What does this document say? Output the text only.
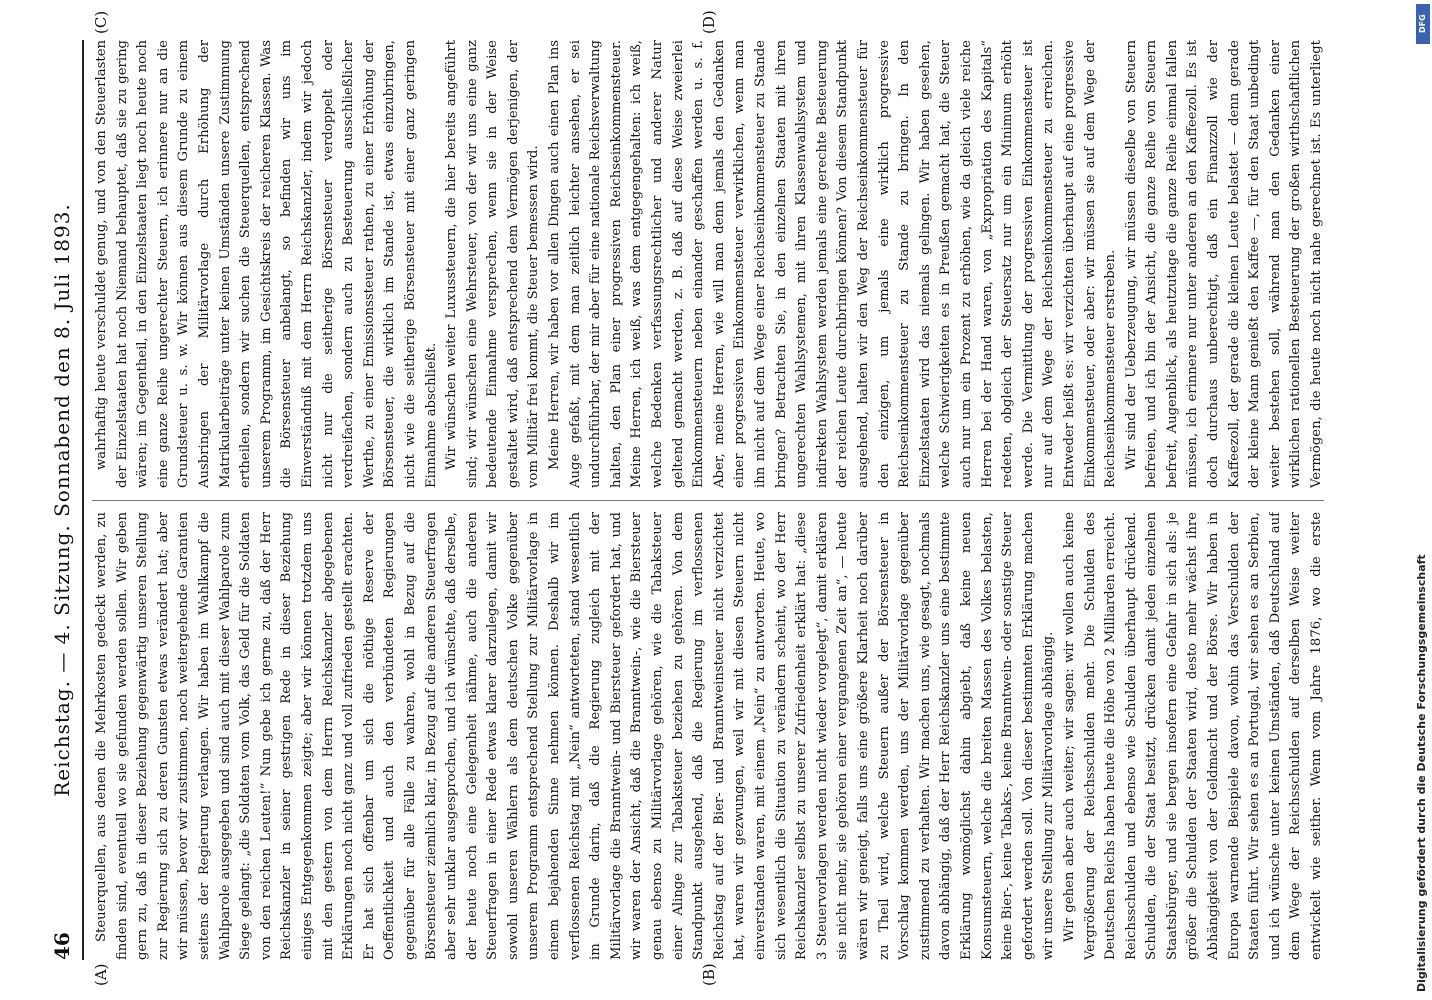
46
Reichstag. — 4. Sitzung. Sonnabend den 8. Juli 1893.
(A)	(B)
(C)	(D)

Steuerquellen, aus denen die Mehrkosten gedeckt werden, zu finden sind, eventuell wo sie gefunden werden sollen. Wir geben gern zu, daß in dieser Beziehung gegenwärtig unseren Stellung zur Regierung sich zu deren Gunsten etwas verändert hat; aber wir müssen, bevor wir zustimmen, noch weitergehende Garantien seitens der Regierung verlangen. Wir haben im Wahlkampf die Wahlparole ausgegeben und sind auch mit dieser Wahlparole zum Siege gelangt: „die Soldaten vom Volk, das Geld für die Soldaten von den reichen Leuten!“ Nun gebe ich gerne zu, daß der Herr Reichskanzler in seiner gestrigen Rede in dieser Beziehung einiges Entgegenkommen zeigte; aber wir können trotzdem uns mit den gestern von dem Herrn Reichskanzler abgegebenen Erklärungen noch nicht ganz und voll zufrieden gestellt erachten. Er hat sich offenbar um sich die nöthige Reserve der Oeffentlichkeit und auch den verbündeten Regierungen gegenüber für alle Fälle zu wahren, wohl in Bezug auf die Börsensteuer ziemlich klar, in Bezug auf die anderen Steuerfragen aber sehr unklar ausgesprochen, und ich wünschte, daß derselbe, der heute noch eine Gelegenheit nähme, auch die anderen Steuerfragen in einer Rede etwas klarer darzulegen, damit wir sowohl unseren Wählern als dem deutschen Volke gegenüber unserem Programm entsprechend Stellung zur Militärvorlage in einem bejahenden Sinne nehmen können. Deshalb wir im verflossenen Reichstag mit „Nein“ antworteten, stand wesentlich im Grunde darin, daß die Regierung zugleich mit der Militärvorlage die Branntwein- und Biersteuer gefordert hat, und wir waren der Ansicht, daß die Branntwein-, wie die Biersteuer genau ebenso zu Militärvorlage gehören, wie die Tabaksteuer einer Alinge zur Tabaksteuer beziehen zu gehören. Von dem Standpunkt ausgehend, daß die Regierung im verflossenen Reichstag auf der Bier- und Branntweinsteuer nicht verzichtet hat, waren wir gezwungen, weil wir mit diesen Steuern nicht einverstanden waren, mit einem „Nein“ zu antworten. Heute, wo sich wesentlich die Situation zu verändern scheint, wo der Herr Reichskanzler selbst zu unserer Zufriedenheit erklärt hat: „diese 3 Steuervorlagen werden nicht wieder vorgelegt“, damit erklären sie nicht mehr, sie gehören einer vergangenen Zeit an“, — heute wären wir geneigt, falls uns eine größere Klarheit noch darüber zu Theil wird, welche Steuern außer der Börsensteuer in Vorschlag kommen werden, uns der Militärvorlage gegenüber zustimmend zu verhalten. Wir machen uns, wie gesagt, nochmals davon abhängig, daß der Herr Reichskanzler uns eine bestimmte Erklärung womöglichst dahin abgiebt, daß keine neuen Konsumsteuern, welche die breiten Massen des Volkes belasten, keine Bier-, keine Tabaks-, keine Branntwein- oder sonstige Steuer gefordert werden soll. Von dieser bestimmten Erklärung machen wir unsere Stellung zur Militärvorlage abhängig. Wir gehen aber auch weiter; wir sagen: wir wollen auch keine Vergrößerung der Reichsschulden mehr. Die Schulden des Deutschen Reichs haben heute die Höhe von 2 Milliarden erreicht. Reichsschulden und ebenso wie Schulden überhaupt drückend. Schulden, die der Staat besitzt, drücken damit jeden einzelnen Staatsbürger, und sie bergen insofern eine Gefahr in sich als: je größer die Schulden der Staaten wird, desto mehr wächst ihre Abhängigkeit von der Geldmacht und der Börse. Wir haben in Europa warnende Beispiele davon, wohin das Verschulden der Staaten führt. Wir sehen es an Portugal, wir sehen es an Serbien, und ich wünsche unter keinen Umständen, daß Deutschland auf dem Wege der Reichsschulden auf derselben Weise weiter entwickelt wie seither. Wenn vom Jahre 1876, wo die erste

wahrhaftig heute verschuldet genug, und von den Steuerlasten der Einzelstaaten hat noch Niemand behauptet, daß sie zu gering wären; im Gegentheil, in den Einzelstaaten liegt noch heute noch eine ganze Reihe ungerechter Steuern, ich erinnere nur an die Grundsteuer u. s. w. Wir können aus diesem Grunde zu einem Ausbringen der Militärvorlage durch Erhöhung der Matrikularbeiträge unter keinen Umständen unsere Zustimmung ertheilen, sondern wir suchen die Steuerquellen, entsprechend unserem Programm, im Gesichtskreis der reicheren Klassen. Was die Börsensteuer anbelangt, so befinden wir uns im Einverständniß mit dem Herrn Reichskanzler, indem wir jedoch nicht nur die seitherige Börsensteuer verdoppelt oder verdreifachen, sondern auch zu Besteuerung ausschließlicher Werthe, zu einer Emissionssteuer rathen, zu einer Erhöhung der Börsensteuer, die wirklich im Stande ist, etwas einzubringen, nicht wie die seitherige Börsensteuer mit einer ganz geringen Einnahme abschließt. Wir wünschen weiter Luxussteuern, die hier bereits angeführt sind; wir wünschen eine Wehrsteuer, von der wir uns eine ganz bedeutende Einnahme versprechen, wenn sie in der Weise gestaltet wird, daß entsprechend dem Vermögen derjenigen, der vom Militär frei kommt, die Steuer bemessen wird. Meine Herren, wir haben vor allen Dingen auch einen Plan ins Auge gefaßt, mit dem man zeitlich leichter ansehen, er sei undurchführbar, der mir aber für eine nationale Reichsverwaltung halten, den Plan einer progressiven Reichseinkommensteuer. Meine Herren, ich weiß, was dem entgegengehalten: ich weiß, welche Bedenken verfassungsrechtlicher und anderer Natur geltend gemacht werden, z. B. daß auf diese Weise zweierlei Einkommensteuern neben einander geschaffen werden u. s. f. Aber, meine Herren, wie will man denn jemals den Gedanken einer progressiven Einkommensteuer verwirklichen, wenn man ihn nicht auf dem Wege einer Reichseinkommensteuer zu Stande bringen? Betrachten Sie, in den einzelnen Staaten mit ihren ungerechten Wahlsystemen, mit ihren Klassenwahlsystem und indirekten Wahlsystem werden jemals eine gerechte Besteuerung der reichen Leute durchbringen können? Von diesem Standpunkt ausgehend, halten wir den Weg der Reichseinkommensteuer für den einzigen, um jemals eine wirklich progressive Reichseinkommensteuer zu Stande zu bringen. In den Einzelstaaten wird das niemals gelingen. Wir haben gesehen, welche Schwierigkeiten es in Preußen gemacht hat, die Steuer auch nur um ein Prozent zu erhöhen, wie da gleich viele reiche Herren bei der Hand waren, von „Expropriation des Kapitals“ redeten, obgleich der Steuersatz nur um ein Minimum erhöht werde. Die Vermittlung der progressiven Einkommensteuer ist nur auf dem Wege der Reichseinkommensteuer zu erreichen. Entweder heißt es: wir verzichten überhaupt auf eine progressive Einkommensteuer, oder aber: wir müssen sie auf dem Wege der Reichseinkommensteuer erstreben. Wir sind der Ueberzeugung, wir müssen dieselbe von Steuern befreien, und ich bin der Ansicht, die ganze Reihe von Steuern befreit, Augenblick, als heutzutage die ganze Reihe einmal fallen müssen, ich erinnere nur unter anderen an den Kaffeezoll. Es ist doch durchaus unberechtigt, daß ein Finanzzoll wie der Kaffeezoll, der gerade die kleinen Leute belastet — denn gerade der kleine Mann genießt den Kaffee —, für den Staat unbedingt weiter bestehen soll, während man den Gedanken einer wirklichen rationellen Besteuerung der großen wirthschaftlichen Vermögen, die heute noch nicht nahe gerechnet ist. Es unterliegt

DFG
Digitalisierung gefördert durch die Deutsche Forschungsgemeinschaft
